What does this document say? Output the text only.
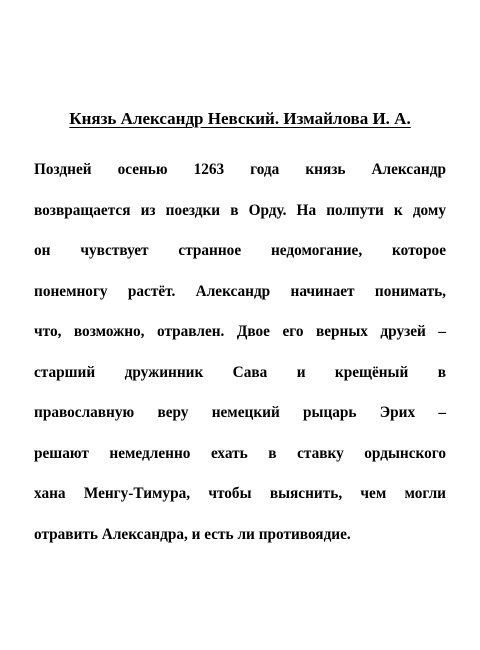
Князь Александр Невский. Измайлова И. А.
Поздней осенью 1263 года князь Александр
возвращается из поездки в Орду. На полпути к дому
он чувствует странное недомогание, которое
понемногу растёт. Александр начинает понимать,
что, возможно, отравлен. Двое его верных друзей –
старший дружинник Сава и крещёный в
православную веру немецкий рыцарь Эрих –
решают немедленно ехать в ставку ордынского
хана Менгу-Тимура, чтобы выяснить, чем могли
отравить Александра, и есть ли противоядие.
